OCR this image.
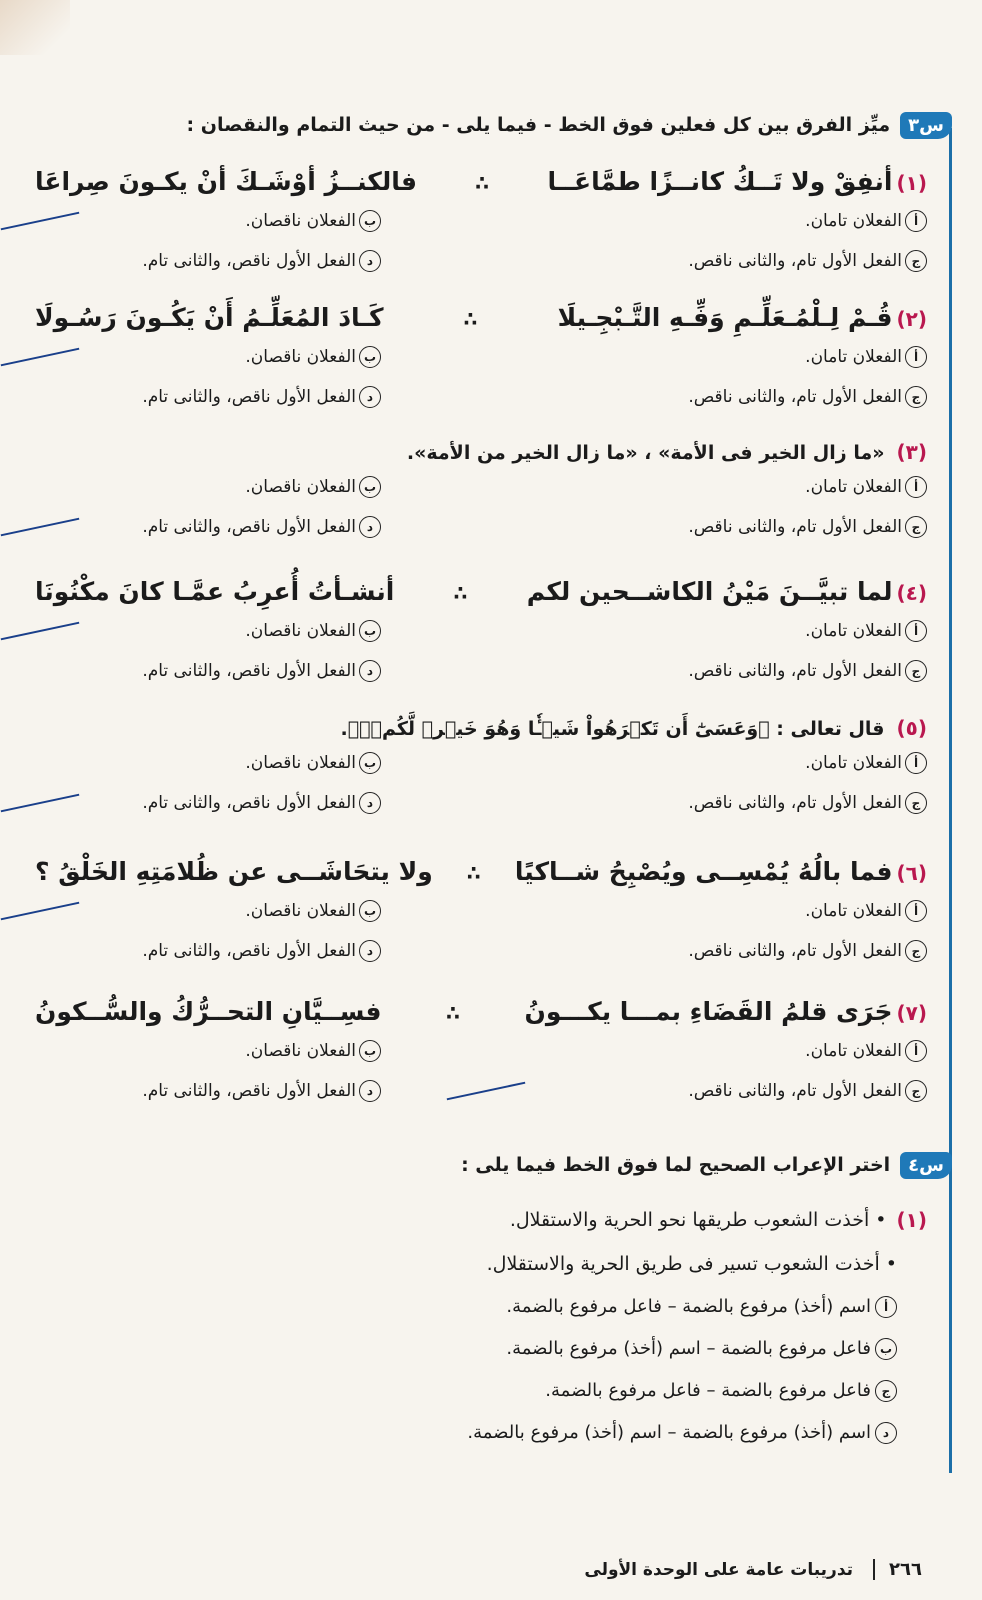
س٣
ميِّز الفرق بين كل فعلين فوق الخط - فيما يلى - من حيث التمام والنقصان :
(١)أنفِقْ ولا تَــكُ كانــزًا طمَّاعَــا
∴
فالكنــزُ أوْشَـكَ أنْ يكـونَ صِراعَا
أ
الفعلان تامان.
ب
الفعلان ناقصان.
ج
الفعل الأول تام، والثانى ناقص.
د
الفعل الأول ناقص، والثانى تام.
(٢)قُـمْ لِـلْمُـعَلِّـمِ وَفِّـهِ التَّـبْجِـيلَا
∴
كَـادَ المُعَلِّـمُ أَنْ يَكُـونَ رَسُـولَا
أ
الفعلان تامان.
ب
الفعلان ناقصان.
ج
الفعل الأول تام، والثانى ناقص.
د
الفعل الأول ناقص، والثانى تام.
(٣)
«ما زال الخير فى الأمة» ، «ما زال الخير من الأمة».
أ
الفعلان تامان.
ب
الفعلان ناقصان.
ج
الفعل الأول تام، والثانى ناقص.
د
الفعل الأول ناقص، والثانى تام.
(٤)لما تبيَّــنَ مَيْنُ الكاشــحين لكم
∴
أنشـأتُ أُعرِبُ عمَّـا كانَ مكْنُونَا
أ
الفعلان تامان.
ب
الفعلان ناقصان.
ج
الفعل الأول تام، والثانى ناقص.
د
الفعل الأول ناقص، والثانى تام.
(٥)
قال تعالى : ﴿وَعَسَىٰٓ أَن تَكۡرَهُواْ شَيۡـٔٗا وَهُوَ خَيۡرٞ لَّكُمۡۖ﴾.
أ
الفعلان تامان.
ب
الفعلان ناقصان.
ج
الفعل الأول تام، والثانى ناقص.
د
الفعل الأول ناقص، والثانى تام.
(٦)فما بالُهُ يُمْسِــى ويُصْبِحُ شــاكيًا
∴
ولا يتحَاشَــى عن ظُلامَتِهِ الخَلْقُ ؟
أ
الفعلان تامان.
ب
الفعلان ناقصان.
ج
الفعل الأول تام، والثانى ناقص.
د
الفعل الأول ناقص، والثانى تام.
(٧)جَرَى قلمُ القَضَاءِ بمـــا يكـــونُ
∴
فسِــيَّانِ التحــرُّكُ والسُّــكونُ
أ
الفعلان تامان.
ب
الفعلان ناقصان.
ج
الفعل الأول تام، والثانى ناقص.
د
الفعل الأول ناقص، والثانى تام.
س٤
اختر الإعراب الصحيح لما فوق الخط فيما يلى :
(١)
• أخذت الشعوب طريقها نحو الحرية والاستقلال.
• أخذت الشعوب تسير فى طريق الحرية والاستقلال.
أ
اسم (أخذ) مرفوع بالضمة – فاعل مرفوع بالضمة.
ب
فاعل مرفوع بالضمة – اسم (أخذ) مرفوع بالضمة.
ج
فاعل مرفوع بالضمة – فاعل مرفوع بالضمة.
د
اسم (أخذ) مرفوع بالضمة – اسم (أخذ) مرفوع بالضمة.
٢٦٦
تدريبات عامة على الوحدة الأولى
